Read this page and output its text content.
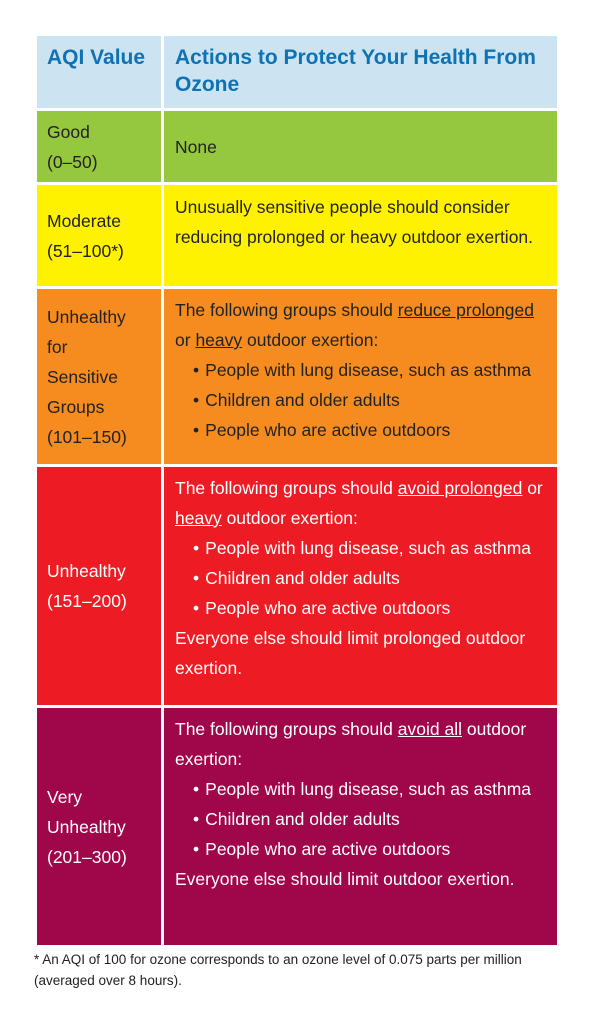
AQI Value	Actions to Protect Your Health From Ozone
Good
(0–50)
None
Moderate
(51–100*)
Unusually sensitive people should consider reducing prolonged or heavy outdoor exertion.
Unhealthy
for
Sensitive
Groups
(101–150)
The following groups should reduce prolonged or heavy outdoor exertion:
• People with lung disease, such as asthma
• Children and older adults
• People who are active outdoors
Unhealthy
(151–200)
The following groups should avoid prolonged or heavy outdoor exertion:
• People with lung disease, such as asthma
• Children and older adults
• People who are active outdoors
Everyone else should limit prolonged outdoor exertion.
Very
Unhealthy
(201–300)
The following groups should avoid all outdoor exertion:
• People with lung disease, such as asthma
• Children and older adults
• People who are active outdoors
Everyone else should limit outdoor exertion.
* An AQI of 100 for ozone corresponds to an ozone level of 0.075 parts per million (averaged over 8 hours).
